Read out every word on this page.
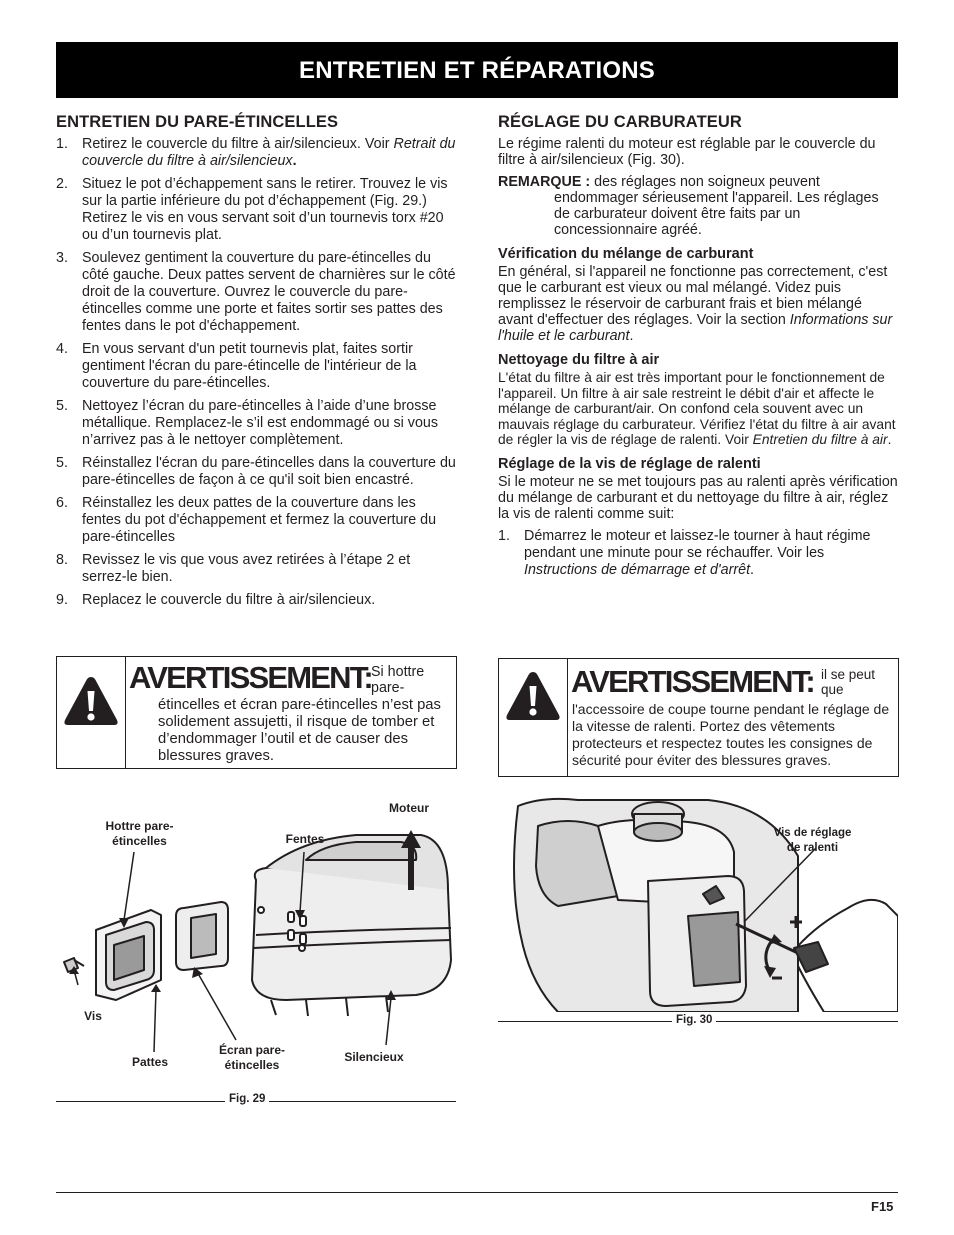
ENTRETIEN ET RÉPARATIONS
ENTRETIEN DU PARE-ÉTINCELLES
1. Retirez le couvercle du filtre à air/silencieux. Voir Retrait du couvercle du filtre à air/silencieux.
2. Situez le pot d’échappement sans le retirer. Trouvez le vis sur la partie inférieure du pot d’échappement (Fig. 29.) Retirez le vis en vous servant soit d’un tournevis torx #20 ou d’un tournevis plat.
3. Soulevez gentiment la couverture du pare-étincelles du côté gauche. Deux pattes servent de charnières sur le côté droit de la couverture. Ouvrez le couvercle du pare-étincelles comme une porte et faites sortir ses pattes des fentes dans le pot d'échappement.
4. En vous servant d'un petit tournevis plat, faites sortir gentiment l'écran du pare-étincelle de l'intérieur de la couverture du pare-étincelles.
5. Nettoyez l’écran du pare-étincelles à l’aide d’une brosse métallique. Remplacez-le s’il est endommagé ou si vous n’arrivez pas à le nettoyer complètement.
5. Réinstallez l'écran du pare-étincelles dans la couverture du pare-étincelles de façon à ce qu'il soit bien encastré.
6. Réinstallez les deux pattes de la couverture dans les fentes du pot d'échappement et fermez la couverture du pare-étincelles
8. Revissez le vis que vous avez retirées à l’étape 2 et serrez-le bien.
9. Replacez le couvercle du filtre à air/silencieux.
RÉGLAGE DU CARBURATEUR

Le régime ralenti du moteur est réglable par le couvercle du filtre à air/silencieux (Fig. 30).

REMARQUE : des réglages non soigneux peuvent endommager sérieusement l'appareil. Les réglages de carburateur doivent être faits par un concessionnaire agréé.
Vérification du mélange de carburant

En général, si l'appareil ne fonctionne pas correctement, c'est que le carburant est vieux ou mal mélangé. Videz puis remplissez le réservoir de carburant frais et bien mélangé avant d'effectuer des réglages. Voir la section Informations sur l'huile et le carburant.

Nettoyage du filtre à air

L'état du filtre à air est très important pour le fonctionnement de l'appareil. Un filtre à air sale restreint le débit d'air et affecte le mélange de carburant/air. On confond cela souvent avec un mauvais réglage du carburateur. Vérifiez l'état du filtre à air avant de régler la vis de réglage de ralenti. Voir Entretien du filtre à air.

Réglage de la vis de réglage de ralenti

Si le moteur ne se met toujours pas au ralenti après vérification du mélange de carburant et du nettoyage du filtre à air, réglez la vis de ralenti comme suit:

1. Démarrez le moteur et laissez-le tourner à haut régime pendant une minute pour se réchauffer. Voir les Instructions de démarrage et d'arrêt.
AVERTISSEMENT: Si hottre pare-
étincelles et écran pare-étincelles n’est pas solidement assujetti, il risque de tomber et d’endommager l’outil et de causer des blessures graves.
AVERTISSEMENT: il se peut que
l'accessoire de coupe tourne pendant le réglage de la vitesse de ralenti. Portez des vêtements protecteurs et respectez toutes les consignes de sécurité pour éviter des blessures graves.
Hottre pare-étincelles	Fentes
Moteur
Vis
Pattes
Écran pare-étincelles
Silencieux
Fig. 29
Vis de réglage de ralenti
Fig. 30
F15
